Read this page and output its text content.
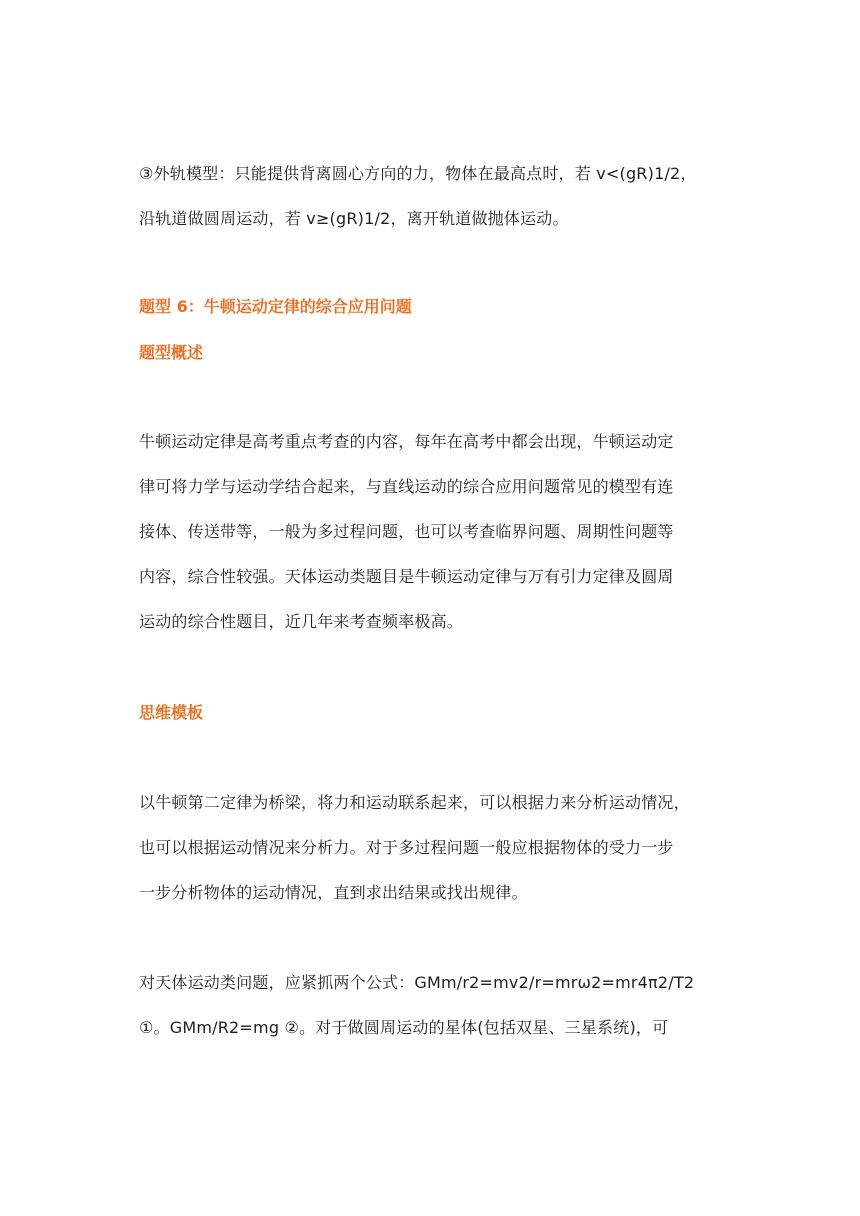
③外轨模型：只能提供背离圆心方向的力，物体在最高点时，若 v<(gR)1/2，
沿轨道做圆周运动，若 v≥(gR)1/2，离开轨道做抛体运动。
题型 6：牛顿运动定律的综合应用问题
题型概述
牛顿运动定律是高考重点考查的内容，每年在高考中都会出现，牛顿运动定
律可将力学与运动学结合起来，与直线运动的综合应用问题常见的模型有连
接体、传送带等，一般为多过程问题，也可以考查临界问题、周期性问题等
内容，综合性较强。天体运动类题目是牛顿运动定律与万有引力定律及圆周
运动的综合性题目，近几年来考查频率极高。
思维模板
以牛顿第二定律为桥梁，将力和运动联系起来，可以根据力来分析运动情况，
也可以根据运动情况来分析力。对于多过程问题一般应根据物体的受力一步
一步分析物体的运动情况，直到求出结果或找出规律。
对天体运动类问题，应紧抓两个公式：GMm/r2=mv2/r=mrω2=mr4π2/T2
①。GMm/R2=mg ②。对于做圆周运动的星体(包括双星、三星系统)，可
